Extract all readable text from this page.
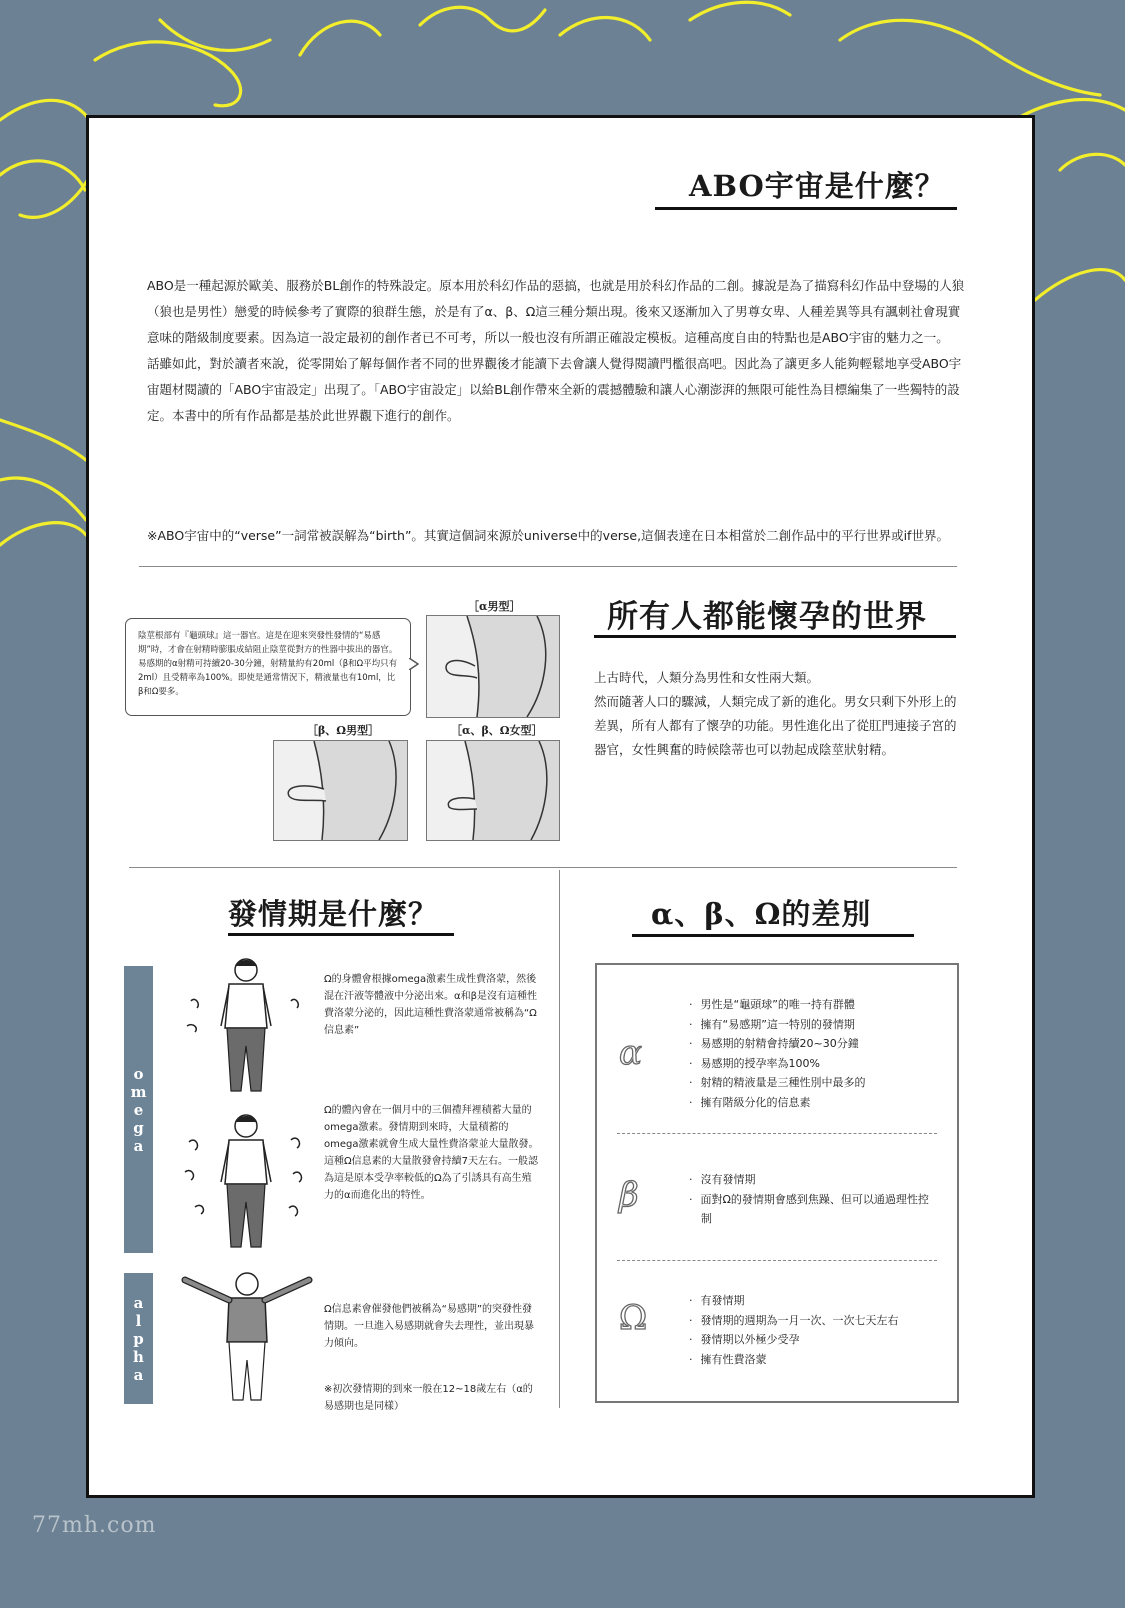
ABO宇宙是什麼？

ABO是一種起源於歐美、服務於BL創作的特殊設定。原本用於科幻作品的惡搞，也就是用於科幻作品的二創。據說是為了描寫科幻作品中登場的人狼（狼也是男性）戀愛的時候參考了實際的狼群生態，於是有了α、β、Ω這三種分類出現。後來又逐漸加入了男尊女卑、人種差異等具有諷刺社會現實意味的階級制度要素。因為這一設定最初的創作者已不可考，所以一般也沒有所謂正確設定模板。這種高度自由的特點也是ABO宇宙的魅力之一。

話雖如此，對於讀者來說，從零開始了解每個作者不同的世界觀後才能讀下去會讓人覺得閱讀門檻很高吧。因此為了讓更多人能夠輕鬆地享受ABO宇宙題材閱讀的「ABO宇宙設定」出現了。「ABO宇宙設定」以給BL創作帶來全新的震撼體驗和讓人心潮澎湃的無限可能性為目標編集了一些獨特的設定。本書中的所有作品都是基於此世界觀下進行的創作。

※ABO宇宙中的“verse”一詞常被誤解為“birth”。其實這個詞來源於universe中的verse,這個表達在日本相當於二創作品中的平行世界或if世界。

陰莖根部有『龜頭球』這一器官。這是在迎來突發性發情的“易感期”時，才會在射精時膨脹成結阻止陰莖從對方的性器中拔出的器官。易感期的α射精可持續20-30分鐘，射精量約有20ml（β和Ω平均只有2ml）且受精率為100%。即使是通常情況下，精液量也有10ml，比β和Ω要多。
［α男型］
［β、Ω男型］	［α、β、Ω女型］
所有人都能懷孕的世界

上古時代，人類分為男性和女性兩大類。

然而隨著人口的驟減，人類完成了新的進化。男女只剩下外形上的差異，所有人都有了懷孕的功能。男性進化出了從肛門連接子宮的器官，女性興奮的時候陰蒂也可以勃起成陰莖狀射精。

發情期是什麼？
o
m
e
g
a
a
l
p
h
a

Ω的身體會根據omega激素生成性費洛蒙，然後混在汗液等體液中分泌出來。α和β是沒有這種性費洛蒙分泌的，因此這種性費洛蒙通常被稱為“Ω信息素”

Ω的體內會在一個月中的三個禮拜裡積蓄大量的omega激素。發情期到來時，大量積蓄的omega激素就會生成大量性費洛蒙並大量散發。這種Ω信息素的大量散發會持續7天左右。一般認為這是原本受孕率較低的Ω為了引誘具有高生殖力的α而進化出的特性。

Ω信息素會催發他們被稱為“易感期”的突發性發情期。一旦進入易感期就會失去理性，並出現暴力傾向。

※初次發情期的到來一般在12~18歲左右（α的易感期也是同樣）

α、β、Ω的差別
α
· 男性是“龜頭球”的唯一持有群體
· 擁有“易感期”這一特別的發情期
· 易感期的射精會持續20~30分鐘
· 易感期的授孕率為100%
· 射精的精液量是三種性別中最多的
· 擁有階級分化的信息素
β	· 沒有發情期
· 面對Ω的發情期會感到焦躁、但可以通過理性控制
Ω	· 有發情期
· 發情期的週期為一月一次、一次七天左右
· 發情期以外極少受孕
· 擁有性費洛蒙
77mh.com
